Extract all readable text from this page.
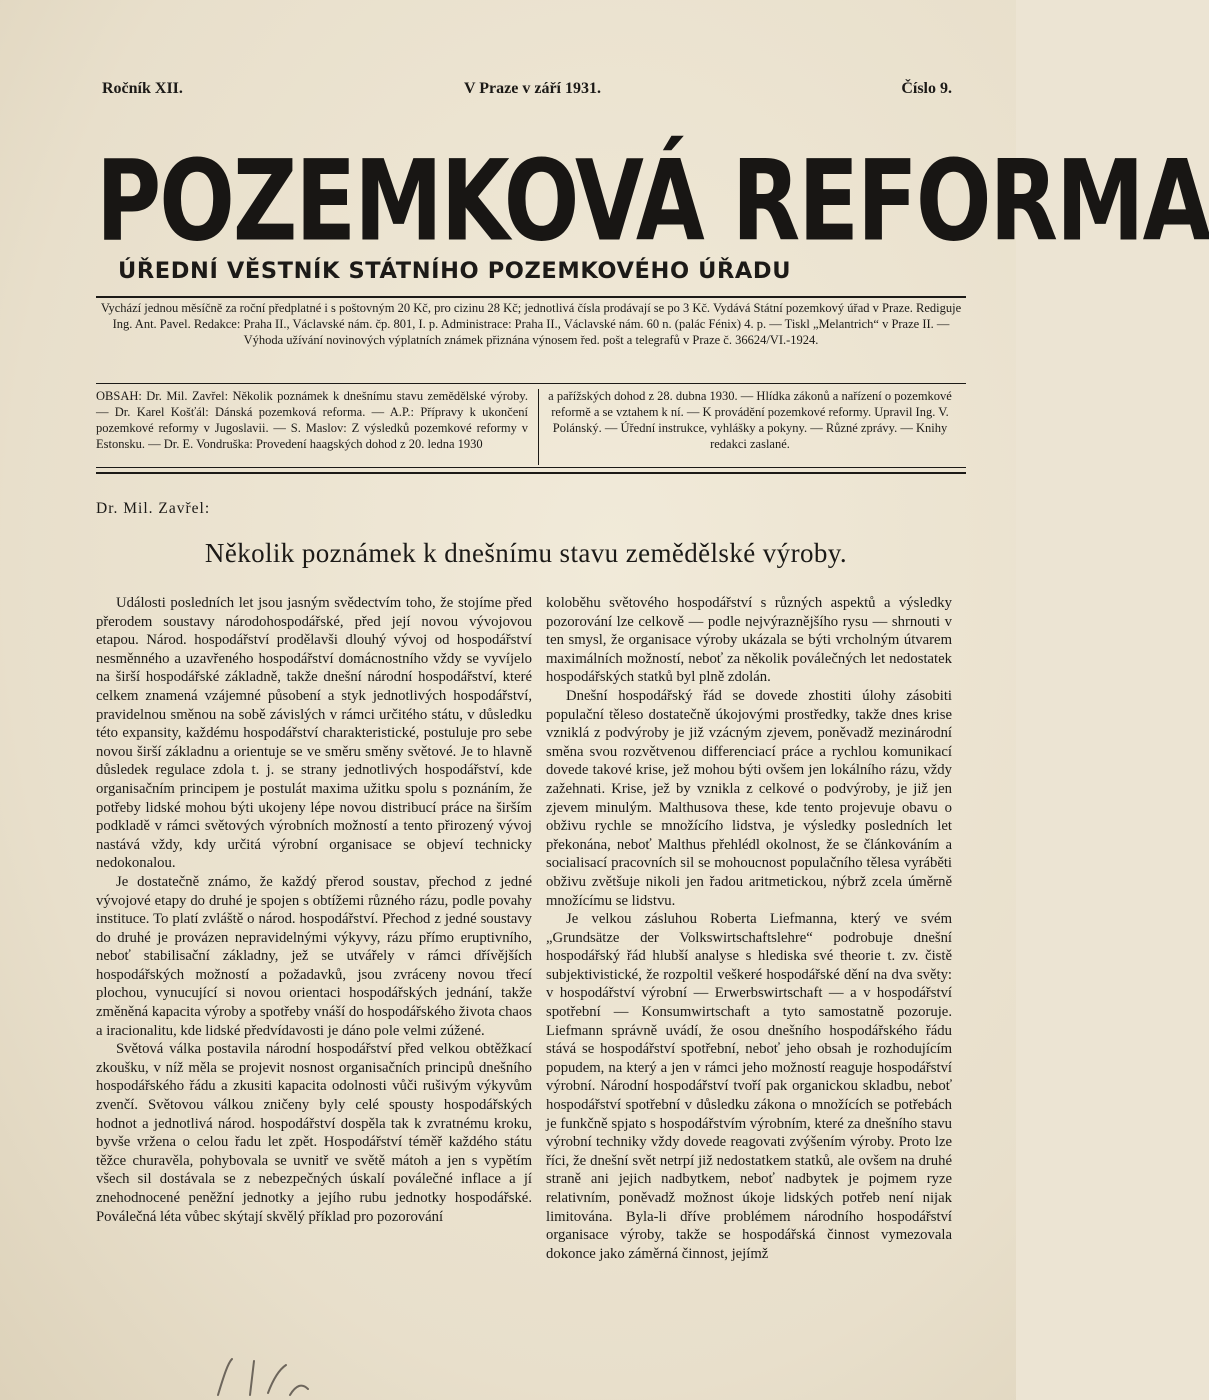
Ročník XII.	V Praze v září 1931.	Číslo 9.
POZEMKOVÁ REFORMA
ÚŘEDNÍ VĚSTNÍK STÁTNÍHO POZEMKOVÉHO ÚŘADU
Vychází jednou měsíčně za roční předplatné i s poštovným 20 Kč, pro cizinu 28 Kč; jednotlivá čísla prodávají se po 3 Kč. Vydává Státní pozemkový úřad v Praze. Rediguje Ing. Ant. Pavel. Redakce: Praha II., Václavské nám. čp. 801, I. p. Administrace: Praha II., Václavské nám. 60 n. (palác Fénix) 4. p. — Tiskl „Melantrich“ v Praze II. — Výhoda užívání novinových výplatních známek přiznána výnosem řed. pošt a telegrafů v Praze č. 36624/VI.-1924.
OBSAH: Dr. Mil. Zavřel: Několik poznámek k dnešnímu stavu zemědělské výroby. — Dr. Karel Košťál: Dánská pozemková reforma. — A.P.: Přípravy k ukončení pozemkové reformy v Jugoslavii. — S. Maslov: Z výsledků pozemkové reformy v Estonsku. — Dr. E. Vondruška: Provedení haagských dohod z 20. ledna 1930
a pařížských dohod z 28. dubna 1930. — Hlídka zákonů a nařízení o pozemkové reformě a se vztahem k ní. — K provádění pozemkové reformy. Upravil Ing. V. Polánský. — Úřední instrukce, vyhlášky a pokyny. — Různé zprávy. — Knihy redakci zaslané.
Dr. Mil. Zavřel:
Několik poznámek k dnešnímu stavu zemědělské výroby.

Události posledních let jsou jasným svědectvím toho, že stojíme před přerodem soustavy národohospodářské, před její novou vývojovou etapou. Národ. hospodářství prodělavši dlouhý vývoj od hospodářství nesměnného a uzavřeného hospodářství domácnostního vždy se vyvíjelo na širší hospodářské základně, takže dnešní národní hospodářství, které celkem znamená vzájemné působení a styk jednotlivých hospodářství, pravidelnou směnou na sobě závislých v rámci určitého státu, v důsledku této expansity, každému hospodářství charakteristické, postuluje pro sebe novou širší základnu a orientuje se ve směru směny světové. Je to hlavně důsledek regulace zdola t. j. se strany jednotlivých hospodářství, kde organisačním principem je postulát maxima užitku spolu s poznáním, že potřeby lidské mohou býti ukojeny lépe novou distribucí práce na širším podkladě v rámci světových výrobních možností a tento přirozený vývoj nastává vždy, kdy určitá výrobní organisace se objeví technicky nedokonalou.

Je dostatečně známo, že každý přerod soustav, přechod z jedné vývojové etapy do druhé je spojen s obtížemi různého rázu, podle povahy instituce. To platí zvláště o národ. hospodářství. Přechod z jedné soustavy do druhé je provázen nepravidelnými výkyvy, rázu přímo eruptivního, neboť stabilisační základny, jež se utvářely v rámci dřívějších hospodářských možností a požadavků, jsou zvráceny novou třecí plochou, vynucující si novou orientaci hospodářských jednání, takže změněná kapacita výroby a spotřeby vnáší do hospodářského života chaos a iracionalitu, kde lidské předvídavosti je dáno pole velmi zúžené.

Světová válka postavila národní hospodářství před velkou obtěžkací zkoušku, v níž měla se projevit nosnost organisačních principů dnešního hospodářského řádu a zkusiti kapacita odolnosti vůči rušivým výkyvům zvenčí. Světovou válkou zničeny byly celé spousty hospodářských hodnot a jednotlivá národ. hospodářství dospěla tak k zvratnému kroku, byvše vržena o celou řadu let zpět. Hospodářství téměř každého státu těžce churavěla, pohybovala se uvnitř ve světě mátoh a jen s vypětím všech sil dostávala se z nebezpečných úskalí poválečné inflace a jí znehodnocené peněžní jednotky a jejího rubu jednotky hospodářské. Poválečná léta vůbec skýtají skvělý příklad pro pozorování

koloběhu světového hospodářství s různých aspektů a výsledky pozorování lze celkově — podle nejvýraznějšího rysu — shrnouti v ten smysl, že organisace výroby ukázala se býti vrcholným útvarem maximálních možností, neboť za několik poválečných let nedostatek hospodářských statků byl plně zdolán.

Dnešní hospodářský řád se dovede zhostiti úlohy zásobiti populační těleso dostatečně úkojovými prostředky, takže dnes krise vzniklá z podvýroby je již vzácným zjevem, poněvadž mezinárodní směna svou rozvětvenou differenciací práce a rychlou komunikací dovede takové krise, jež mohou býti ovšem jen lokálního rázu, vždy zažehnati. Krise, jež by vznikla z celkové o podvýroby, je již jen zjevem minulým. Malthusova these, kde tento projevuje obavu o obživu rychle se množícího lidstva, je výsledky posledních let překonána, neboť Malthus přehlédl okolnost, že se článkováním a socialisací pracovních sil se mohoucnost populačního tělesa vyráběti obživu zvětšuje nikoli jen řadou aritmetickou, nýbrž zcela úměrně množícímu se lidstvu.

Je velkou zásluhou Roberta Liefmanna, který ve svém „Grundsätze der Volkswirtschaftslehre“ podrobuje dnešní hospodářský řád hlubší analyse s hlediska své theorie t. zv. čistě subjektivistické, že rozpoltil veškeré hospodářské dění na dva světy: v hospodářství výrobní — Erwerbswirtschaft — a v hospodářství spotřební — Konsumwirtschaft a tyto samostatně pozoruje. Liefmann správně uvádí, že osou dnešního hospodářského řádu stává se hospodářství spotřební, neboť jeho obsah je rozhodujícím popudem, na který a jen v rámci jeho možností reaguje hospodářství výrobní. Národní hospodářství tvoří pak organickou skladbu, neboť hospodářství spotřební v důsledku zákona o množících se potřebách je funkčně spjato s hospodářstvím výrobním, které za dnešního stavu výrobní techniky vždy dovede reagovati zvýšením výroby. Proto lze říci, že dnešní svět netrpí již nedostatkem statků, ale ovšem na druhé straně ani jejich nadbytkem, neboť nadbytek je pojmem ryze relativním, poněvadž možnost úkoje lidských potřeb není nijak limitována. Byla-li dříve problémem národního hospodářství organisace výroby, takže se hospodářská činnost vymezovala dokonce jako záměrná činnost, jejímž
